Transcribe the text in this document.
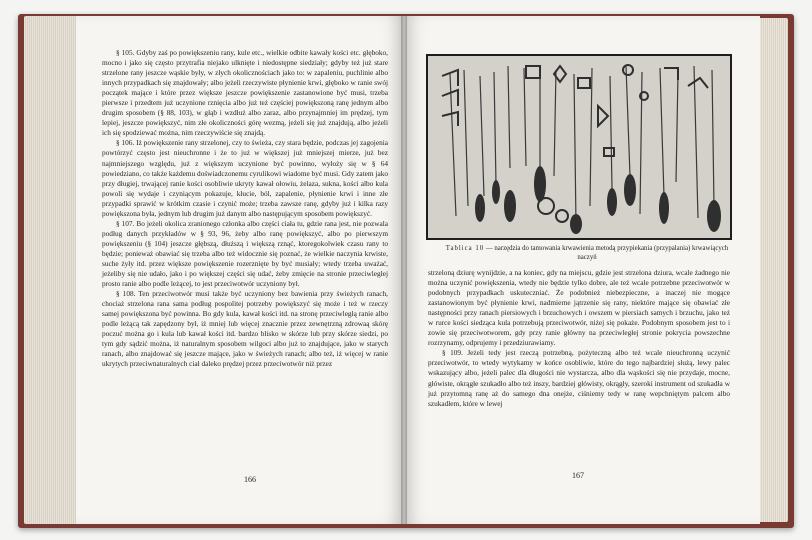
§ 105. Gdyby zaś po powiększeniu rany, kule etc., wielkie odbite kawały kości etc. głęboko, mocno i jako się często przytrafia niejako ulknięte i niedostępne siedziały; gdyby też już stare strzelone rany jeszcze wąskie były, w złych okolicznościach jako to: w zapaleniu, puchlinie albo innych przypadkach się znajdowały; albo jeżeli rzeczywiste płynienie krwi, głęboko w ranie swój początek mające i które przez większe jeszcze powiększenie zastanowione być musi, trzeba pierwsze i przedtem już uczynione rznięcia albo już też częściej powiększoną ranę jednym albo drugim sposobem (§ 88, 103), w głąb i wzdłuż albo zaraz, albo przynajmniej im prędzej, tym lepiej, jeszcze powiększyć, nim złe okoliczności górę wezmą, jeżeli się już znajdują, albo jeżeli ich się spodziewać można, nim rzeczywiście się znajdą.

§ 106. Iż powiększenie rany strzelonej, czy to świeża, czy stara będzie, podczas jej zagojenia powtórzyć często jest nieuchronne i że to już w większej już mniejszej mierze, już bez najmniejszego względu, już z większym uczynione być powinno, wyłoży się w § 64 powiedziano, co także każdemu doświadczonemu cyrulikowi wiadome być musi. Gdy zatem jako przy długiej, trwającej ranie kości osobliwie ukryty kawał ołowiu, żelaza, sukna, kości albo kula powoli się wydaje i czyniącym pokazuje, kłucie, ból, zapalenie, płynienie krwi i inne złe przypadki sprawić w krótkim czasie i czynić może; trzeba zawsze ranę, gdyby już i kilka razy powiększona była, jednym lub drugim już danym albo następującym sposobem powiększyć.

§ 107. Bo jeżeli okolica zranionego członka albo części ciała tu, gdzie rana jest, nie pozwala podług danych przykładów w § 93, 96, żeby albo ranę powiększyć, albo po pierwszym powiększeniu (§ 104) jeszcze głębszą, dłuższą i większą rznąć, ktoregokolwiek czasu rany to będzie; ponieważ obawiać się trzeba albo też widocznie się poznać, że wielkie naczynia krwiste, suche żyły itd. przez większe powiększenie rozerznięte by być musiały; wtedy trzeba uważać, jeżeliby się nie udało, jako i po większej części się udać, żeby zmięcie na stronie przeciwległej prosto ranie albo podle leżącej, to jest przeciwotwór uczyniony był.

§ 108. Ten przeciwotwór musi także być uczyniony bez bawienia przy świeżych ranach, chociaż strzelona rana sama podług pospolitej potrzeby powiększyć się może i też w rzeczy samej powiększona być powinna. Bo gdy kula, kawał kości itd. na stronę przeciwległą ranie albo podle leżącą tak zapędzony był, iż mniej lub więcej znacznie przez zewnętrzną zdrowaą skórę poczuć można go i kula lub kawał kości itd. bardzo blisko w skórze lub przy skórze siedzi, po tym gdy sądzić można, iż naturalnym sposobem wilgoci albo już to znajdujące, jako w starych ranach, albo znajdować się jeszcze mające, jako w świeżych ranach; albo też, iż więcej w ranie ukrytych przeciwnaturalnych ciał daleko prędzej przez przeciwotwór niż przez

166
Tablica 10 — narzędzia do tamowania krwawienia metodą przypiekania (przypalania) krwawiących naczyń

strzeloną dziurę wynijdzie, a na koniec, gdy na miejscu, gdzie jest strzelona dziura, wcale żadnego nie można uczynić powiększenia, wtedy nie będzie tylko dobre, ale też wcale potrzebne przeciwotwór w podobnych przypadkach uskuteczniać. Że podobnież niebezpieczne, a inaczej nie mogące zastanowionym być płynienie krwi, nadmierne jątrzenie się rany, niektóre mające się obawiać złe następności przy ranach piersiowych i brzuchowych i owszem w piersiach samych i brzuchu, jako też w rurce kości siedząca kula potrzebują przeciwotwór, niżej się pokaże. Podobnym sposobem jest to i zowie się przeciwotworem, gdy przy ranie główny na przeciwległej stronie pokrycia powszechne rozrzynamy, odprujemy i przedziurawiamy.

§ 109. Jeżeli tedy jest rzeczą potrzebną, pożyteczną albo też wcale nieuchronną uczynić przeciwotwór, to wtedy wytykamy w końce osobliwie, które do tego najbardziej służą, lewy palec wskazujący albo, jeżeli palec dla długości nie wystarcza, albo dla wąskości się nie przydaje, mocne, główiste, okrągłe szukadło albo też inszy, bardziej główisty, okrągły, szeroki instrument od szukadła w już przytomną ranę aż do samego dna onejże, ciśniemy tedy w ranę wepchniętym palcem albo szukadłem, które w lewej

167
